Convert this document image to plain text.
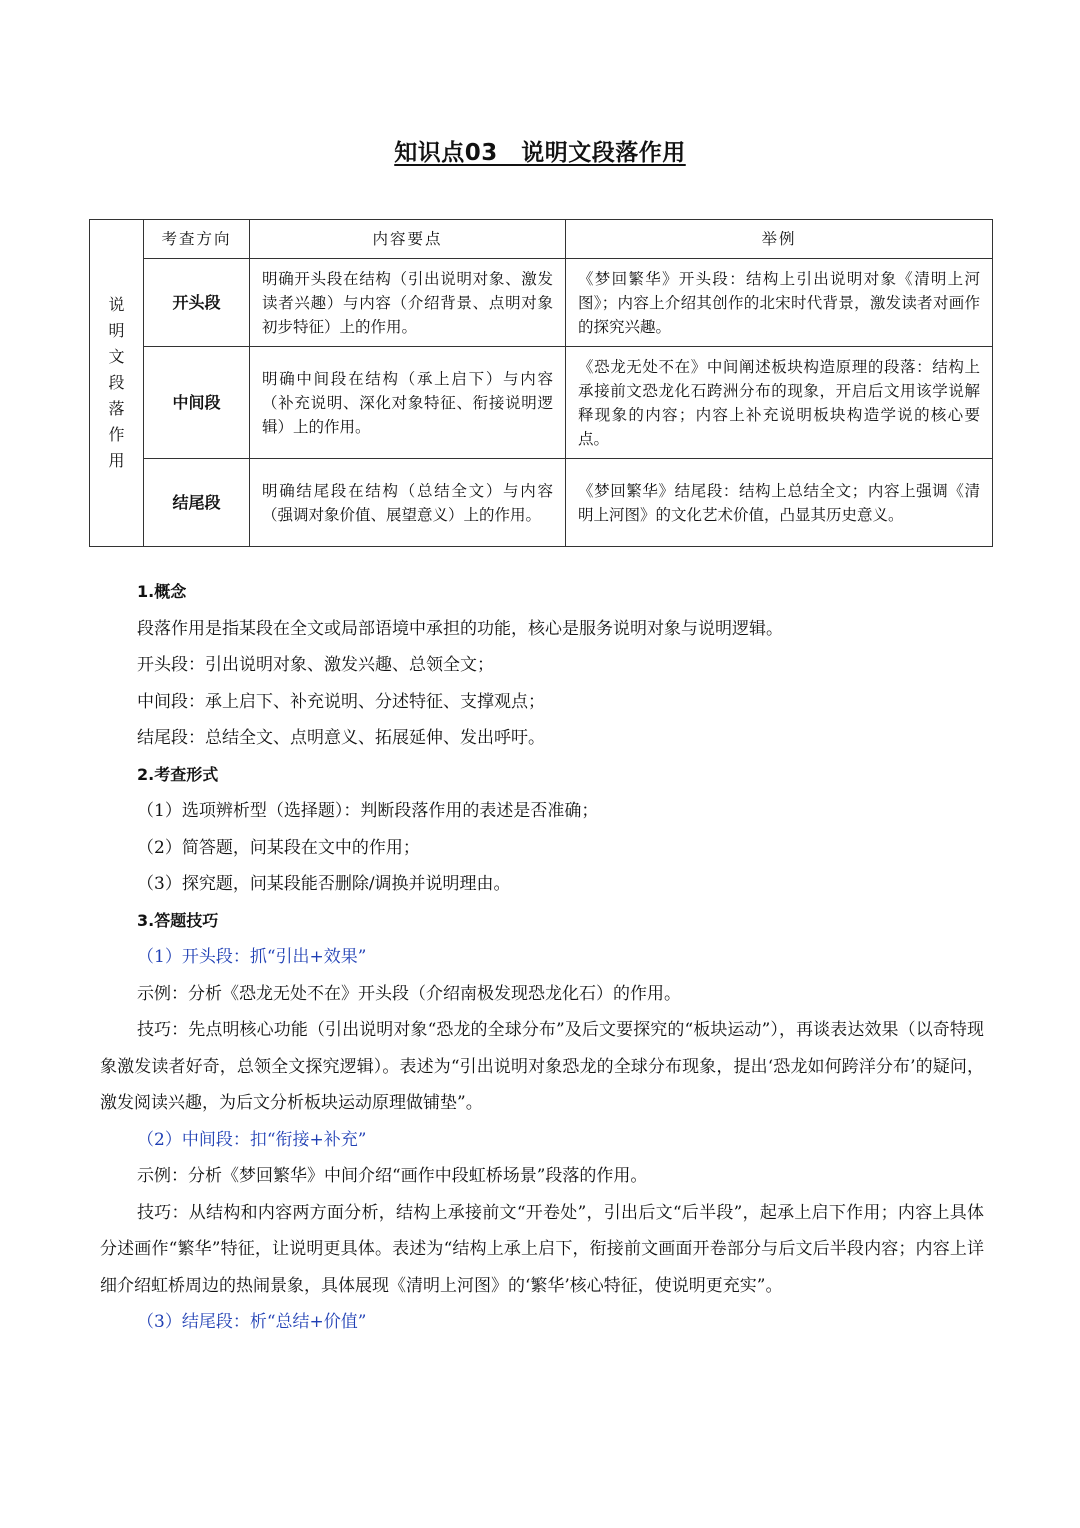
知识点03　说明文段落作用
说明文段落作用	考查方向	内容要点	举例
	开头段	明确开头段在结构（引出说明对象、激发读者兴趣）与内容（介绍背景、点明对象初步特征）上的作用。	《梦回繁华》开头段：结构上引出说明对象《清明上河图》；内容上介绍其创作的北宋时代背景，激发读者对画作的探究兴趣。
	中间段	明确中间段在结构（承上启下）与内容（补充说明、深化对象特征、衔接说明逻辑）上的作用。	《恐龙无处不在》中间阐述板块构造原理的段落：结构上承接前文恐龙化石跨洲分布的现象，开启后文用该学说解释现象的内容；内容上补充说明板块构造学说的核心要点。
	结尾段	明确结尾段在结构（总结全文）与内容（强调对象价值、展望意义）上的作用。	《梦回繁华》结尾段：结构上总结全文；内容上强调《清明上河图》的文化艺术价值，凸显其历史意义。

1.概念

段落作用是指某段在全文或局部语境中承担的功能，核心是服务说明对象与说明逻辑。

开头段：引出说明对象、激发兴趣、总领全文；

中间段：承上启下、补充说明、分述特征、支撑观点；

结尾段：总结全文、点明意义、拓展延伸、发出呼吁。

2.考查形式

（1）选项辨析型（选择题）：判断段落作用的表述是否准确；

（2）简答题，问某段在文中的作用；

（3）探究题，问某段能否删除/调换并说明理由。

3.答题技巧

（1）开头段：抓“引出+效果”

示例：分析《恐龙无处不在》开头段（介绍南极发现恐龙化石）的作用。

技巧：先点明核心功能（引出说明对象“恐龙的全球分布”及后文要探究的“板块运动”），再谈表达效果（以奇特现象激发读者好奇，总领全文探究逻辑）。表述为“引出说明对象恐龙的全球分布现象，提出‘恐龙如何跨洋分布’的疑问，激发阅读兴趣，为后文分析板块运动原理做铺垫”。

（2）中间段：扣“衔接+补充”

示例：分析《梦回繁华》中间介绍“画作中段虹桥场景”段落的作用。

技巧：从结构和内容两方面分析，结构上承接前文“开卷处”，引出后文“后半段”，起承上启下作用；内容上具体分述画作“繁华”特征，让说明更具体。表述为“结构上承上启下，衔接前文画面开卷部分与后文后半段内容；内容上详细介绍虹桥周边的热闹景象，具体展现《清明上河图》的‘繁华’核心特征，使说明更充实”。

（3）结尾段：析“总结+价值”
